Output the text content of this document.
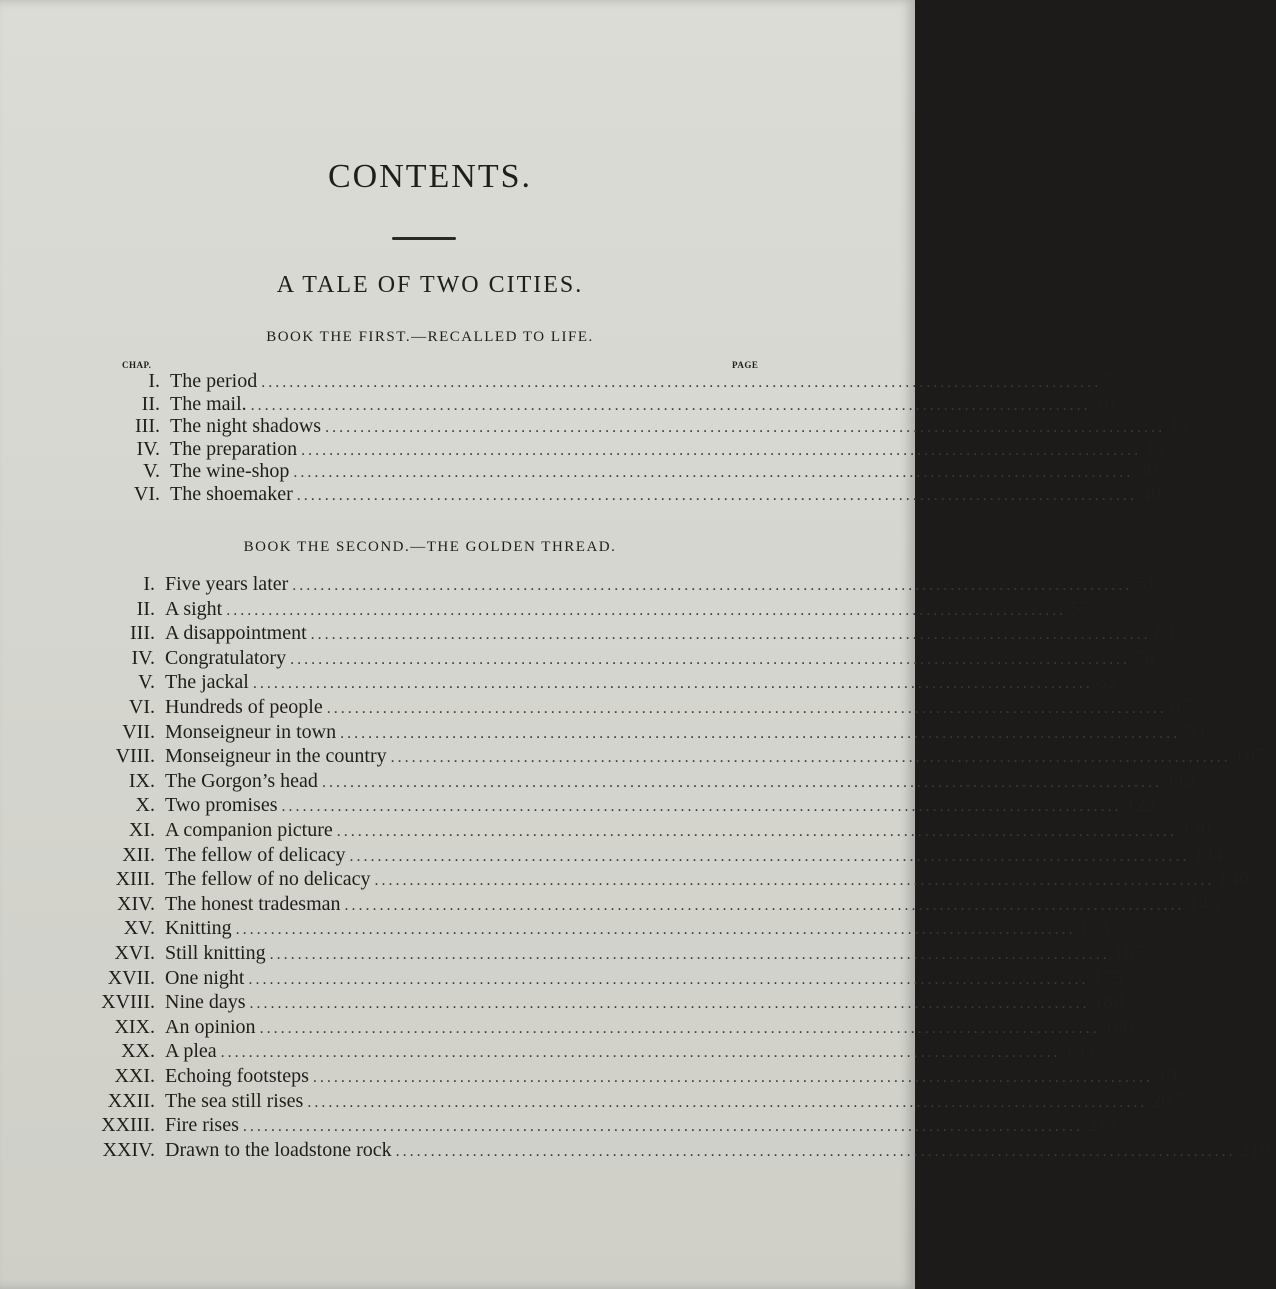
CONTENTS.
A TALE OF TWO CITIES.
BOOK THE FIRST.—RECALLED TO LIFE.
CHAP.	PAGE
I. The period ........................................................................................................................ 7
II. The mail. ........................................................................................................................ 10
III. The night shadows ........................................................................................................................ 15
IV. The preparation ........................................................................................................................ 19
V. The wine-shop ........................................................................................................................ 30
VI. The shoemaker ........................................................................................................................ 40
BOOK THE SECOND.—THE GOLDEN THREAD.
I. Five years later ........................................................................................................................ 51
II. A sight ........................................................................................................................ 57
III. A disappointment ........................................................................................................................ 63
IV. Congratulatory ........................................................................................................................ 76
V. The jackal ........................................................................................................................ 82
VI. Hundreds of people ........................................................................................................................ 87
VII. Monseigneur in town ........................................................................................................................ 99
VIII. Monseigneur in the country ........................................................................................................................ 107
IX. The Gorgon’s head ........................................................................................................................ 112
X. Two promises ........................................................................................................................ 122
XI. A companion picture ........................................................................................................................ 130
XII. The fellow of delicacy ........................................................................................................................ 134
XIII. The fellow of no delicacy ........................................................................................................................ 140
XIV. The honest tradesman ........................................................................................................................ 145
XV. Knitting ........................................................................................................................ 155
XVI. Still knitting ........................................................................................................................ 165
XVII. One night ........................................................................................................................ 175
XVIII. Nine days ........................................................................................................................ 180
XIX. An opinion ........................................................................................................................ 186
XX. A plea ........................................................................................................................ 193
XXI. Echoing footsteps ........................................................................................................................ 197
XXII. The sea still rises ........................................................................................................................ 207
XXIII. Fire rises ........................................................................................................................ 212
XXIV. Drawn to the loadstone rock ........................................................................................................................ 219
